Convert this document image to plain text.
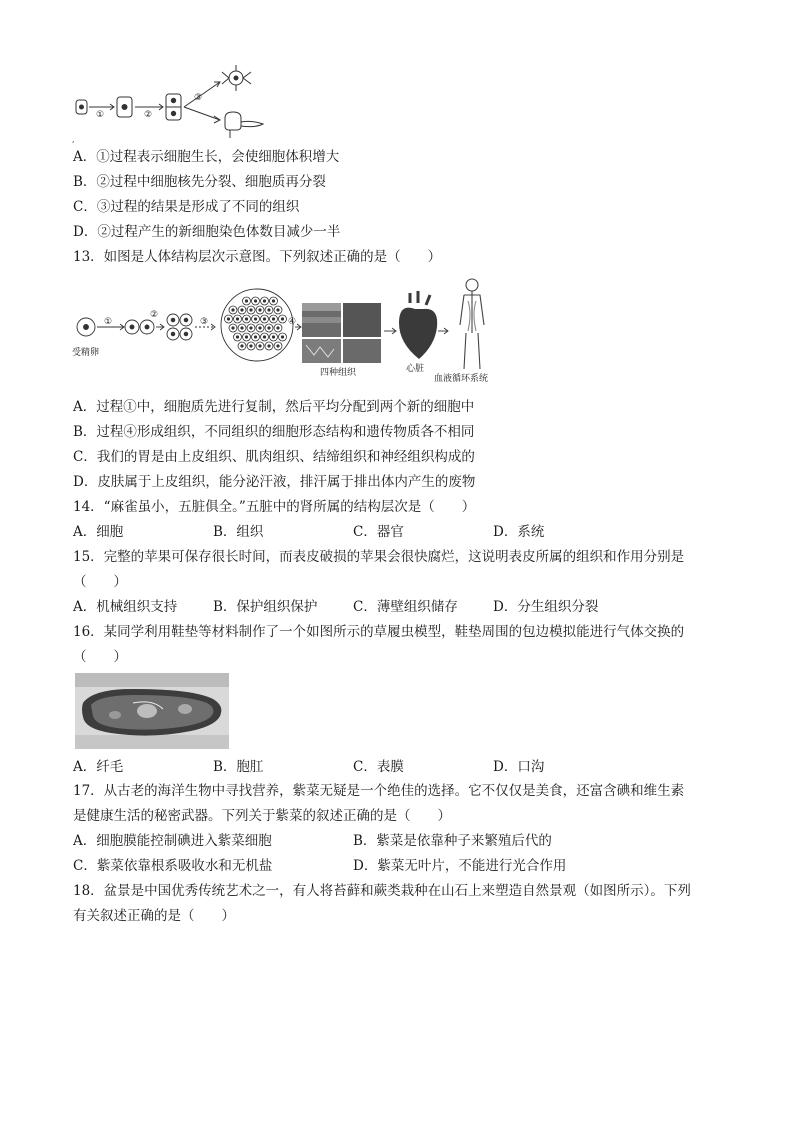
①	②
③
,
A．①过程表示细胞生长，会使细胞体积增大
B．②过程中细胞核先分裂、细胞质再分裂
C．③过程的结果是形成了不同的组织
D．②过程产生的新细胞染色体数目减少一半
13．如图是人体结构层次示意图。下列叙述正确的是（　　）
①
②
③	④
受精卵
四种组织	心脏
血液循环系统
A．过程①中，细胞质先进行复制，然后平均分配到两个新的细胞中
B．过程④形成组织，不同组织的细胞形态结构和遗传物质各不相同
C．我们的胃是由上皮组织、肌肉组织、结缔组织和神经组织构成的
D．皮肤属于上皮组织，能分泌汗液，排汗属于排出体内产生的废物
14．“麻雀虽小，五脏俱全。”五脏中的肾所属的结构层次是（　　）
A．细胞	B．组织	C．器官	D．系统
15．完整的苹果可保存很长时间，而表皮破损的苹果会很快腐烂，这说明表皮所属的组织和作用分别是
（　　）
A．机械组织支持	B．保护组织保护	C．薄壁组织储存	D．分生组织分裂
16．某同学利用鞋垫等材料制作了一个如图所示的草履虫模型，鞋垫周围的包边模拟能进行气体交换的
（　　）
A．纤毛	B．胞肛	C．表膜	D．口沟
17．从古老的海洋生物中寻找营养，紫菜无疑是一个绝佳的选择。它不仅仅是美食，还富含碘和维生素
是健康生活的秘密武器。下列关于紫菜的叙述正确的是（　　）
A．细胞膜能控制碘进入紫菜细胞	B．紫菜是依靠种子来繁殖后代的
C．紫菜依靠根系吸收水和无机盐	D．紫菜无叶片，不能进行光合作用
18．盆景是中国优秀传统艺术之一，有人将苔藓和蕨类栽种在山石上来塑造自然景观（如图所示）。下列
有关叙述正确的是（　　）
